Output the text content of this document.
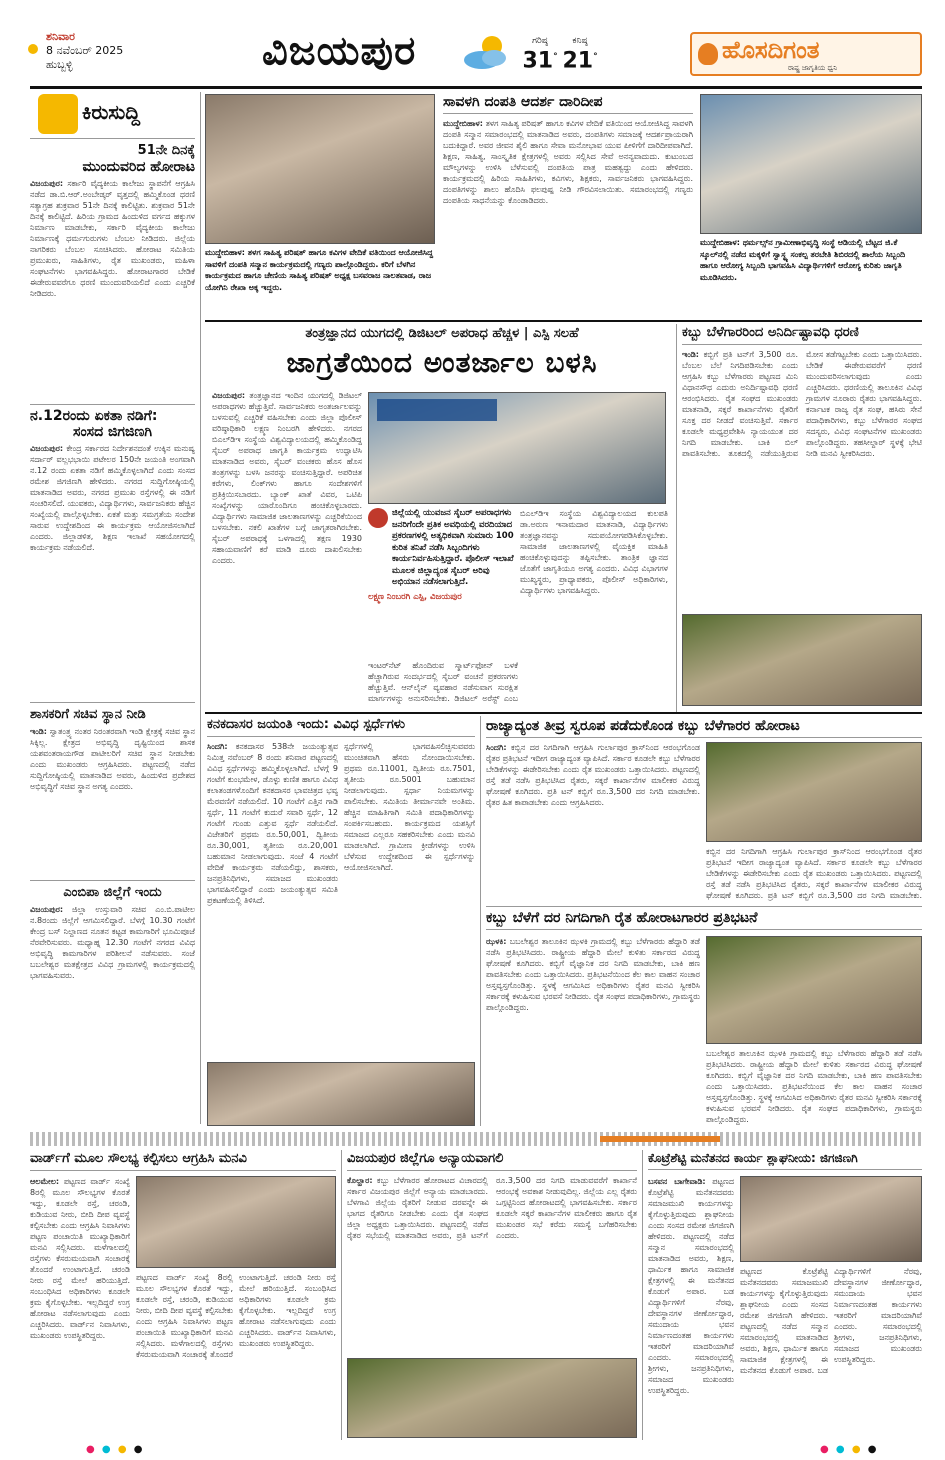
ಶನಿವಾರ
8 ನವೆಂಬರ್ 2025
ಹುಬ್ಬಳ್ಳಿ	ವಿಜಯಪುರ	ಗರಿಷ್ಠ
31°
ಕನಿಷ್ಠ
21°	ಹೊಸದಿಗಂತ
ರಾಷ್ಟ್ರ ಜಾಗೃತಿಯ ಧ್ವನಿ
ಕಿರುಸುದ್ದಿ
51ನೇ ದಿನಕ್ಕೆ
ಮುಂದುವರಿದ ಹೋರಾಟ
ವಿಜಯಪುರ: ಸರ್ಕಾರಿ ವೈದ್ಯಕೀಯ ಕಾಲೇಜು ಸ್ಥಾಪನೆಗೆ ಆಗ್ರಹಿಸಿ ನಡೆದ ಡಾ.ಬಿ.ಆರ್.ಅಂಬೇಡ್ಕರ್ ವೃತ್ತದಲ್ಲಿ ಹಮ್ಮಿಕೊಂಡ ಧರಣಿ ಸತ್ಯಾಗ್ರಹ ಶುಕ್ರವಾರ 51ನೇ ದಿನಕ್ಕೆ ಕಾಲಿಟ್ಟಿತು. ಶುಕ್ರವಾರ 51ನೇ ದಿನಕ್ಕೆ ಕಾಲಿಟ್ಟಿದೆ. ಹಿರಿಯ ಗ್ರಾಮದ ಹಿಂದುಳಿದ ವರ್ಗದ ಹಕ್ಕುಗಳ ನಿರ್ಮಾಣ ಮಾಡಬೇಕು, ಸರ್ಕಾರಿ ವೈದ್ಯಕೀಯ ಕಾಲೇಜು ನಿರ್ಮಾಣಕ್ಕೆ ಧರ್ಮಗುರುಗಳು ಬೆಂಬಲ ನೀಡಿದರು. ಜಿಲ್ಲೆಯ ನಾಗರಿಕರು ಬೆಂಬಲ ಸೂಚಿಸಿದರು. ಹೋರಾಟ ಸಮಿತಿಯ ಪ್ರಮುಖರು, ಸಾಹಿತಿಗಳು, ರೈತ ಮುಖಂಡರು, ಮಹಿಳಾ ಸಂಘಟನೆಗಳು ಭಾಗವಹಿಸಿದ್ದರು. ಹೋರಾಟಗಾರರ ಬೇಡಿಕೆ ಈಡೇರುವವರೆಗೂ ಧರಣಿ ಮುಂದುವರಿಯಲಿದೆ ಎಂದು ಎಚ್ಚರಿಕೆ ನೀಡಿದರು.
ನ.12ರಂದು ಏಕತಾ ನಡಿಗೆ:
ಸಂಸದ ಜಿಗಜಿಣಗಿ
ವಿಜಯಪುರ: ಕೇಂದ್ರ ಸರ್ಕಾರದ ನಿರ್ದೇಶನದಂತೆ ಉಕ್ಕಿನ ಮನುಷ್ಯ ಸರ್ದಾರ್ ವಲ್ಲಭಭಾಯಿ ಪಟೇಲರ 150ನೇ ಜಯಂತಿ ಅಂಗವಾಗಿ ನ.12 ರಂದು ಏಕತಾ ನಡಿಗೆ ಹಮ್ಮಿಕೊಳ್ಳಲಾಗಿದೆ ಎಂದು ಸಂಸದ ರಮೇಶ ಜಿಗಜಿಣಗಿ ಹೇಳಿದರು. ನಗರದ ಸುದ್ದಿಗೋಷ್ಠಿಯಲ್ಲಿ ಮಾತನಾಡಿದ ಅವರು, ನಗರದ ಪ್ರಮುಖ ರಸ್ತೆಗಳಲ್ಲಿ ಈ ನಡಿಗೆ ಸಂಚರಿಸಲಿದೆ. ಯುವಕರು, ವಿದ್ಯಾರ್ಥಿಗಳು, ಸಾರ್ವಜನಿಕರು ಹೆಚ್ಚಿನ ಸಂಖ್ಯೆಯಲ್ಲಿ ಪಾಲ್ಗೊಳ್ಳಬೇಕು. ಏಕತೆ ಮತ್ತು ಸಮಗ್ರತೆಯ ಸಂದೇಶ ಸಾರುವ ಉದ್ದೇಶದಿಂದ ಈ ಕಾರ್ಯಕ್ರಮ ಆಯೋಜಿಸಲಾಗಿದೆ ಎಂದರು. ಜಿಲ್ಲಾಡಳಿತ, ಶಿಕ್ಷಣ ಇಲಾಖೆ ಸಹಯೋಗದಲ್ಲಿ ಕಾರ್ಯಕ್ರಮ ನಡೆಯಲಿದೆ.
ಶಾಸಕರಿಗೆ ಸಚಿವ ಸ್ಥಾನ ನೀಡಿ
ಇಂಡಿ: ಸ್ವಾತಂತ್ರ್ಯ ನಂತರ ನಿರಂತರವಾಗಿ ಇಂಡಿ ಕ್ಷೇತ್ರಕ್ಕೆ ಸಚಿವ ಸ್ಥಾನ ಸಿಕ್ಕಿಲ್ಲ. ಕ್ಷೇತ್ರದ ಅಭಿವೃದ್ಧಿ ದೃಷ್ಟಿಯಿಂದ ಶಾಸಕ ಯಶವಂತರಾಯಗೌಡ ಪಾಟೀಲರಿಗೆ ಸಚಿವ ಸ್ಥಾನ ನೀಡಬೇಕು ಎಂದು ಮುಖಂಡರು ಆಗ್ರಹಿಸಿದರು. ಪಟ್ಟಣದಲ್ಲಿ ನಡೆದ ಸುದ್ದಿಗೋಷ್ಠಿಯಲ್ಲಿ ಮಾತನಾಡಿದ ಅವರು, ಹಿಂದುಳಿದ ಪ್ರದೇಶದ ಅಭಿವೃದ್ಧಿಗೆ ಸಚಿವ ಸ್ಥಾನ ಅಗತ್ಯ ಎಂದರು.
ಎಂಬಿಪಾ ಜಿಲ್ಲೆಗೆ ಇಂದು
ವಿಜಯಪುರ: ಜಿಲ್ಲಾ ಉಸ್ತುವಾರಿ ಸಚಿವ ಎಂ.ಬಿ.ಪಾಟೀಲ ನ.8ರಂದು ಜಿಲ್ಲೆಗೆ ಆಗಮಿಸಲಿದ್ದಾರೆ. ಬೆಳಗ್ಗೆ 10.30 ಗಂಟೆಗೆ ಕೇಂದ್ರ ಬಸ್ ನಿಲ್ದಾಣದ ನೂತನ ಕಟ್ಟಡ ಕಾಮಗಾರಿಗೆ ಭೂಮಿಪೂಜೆ ನೆರವೇರಿಸುವರು. ಮಧ್ಯಾಹ್ನ 12.30 ಗಂಟೆಗೆ ನಗರದ ವಿವಿಧ ಅಭಿವೃದ್ಧಿ ಕಾಮಗಾರಿಗಳ ಪರಿಶೀಲನೆ ನಡೆಸುವರು. ಸಂಜೆ ಬಬಲೇಶ್ವರ ಮತಕ್ಷೇತ್ರದ ವಿವಿಧ ಗ್ರಾಮಗಳಲ್ಲಿ ಕಾರ್ಯಕ್ರಮದಲ್ಲಿ ಭಾಗವಹಿಸುವರು.
ಮುದ್ದೇಬಿಹಾಳ: ತಳಗ ಸಾಹಿತ್ಯ ಪರಿಷತ್ ಹಾಗೂ ಕವಿಗಳ ವೇದಿಕೆ ವತಿಯಿಂದ ಆಯೋಜಿಸಿದ್ದ ಸಾವಳಿಗೆ ದಂಪತಿ ಸನ್ಮಾನ ಕಾರ್ಯಕ್ರಮದಲ್ಲಿ ಗಣ್ಯರು ಪಾಲ್ಗೊಂಡಿದ್ದರು. ಕರಿಗೆ ಬೆಳಗಿನ ಕಾರ್ಯಕ್ರಮದ ಹಾಗೂ ಚೇಣಿಯ ಸಾಹಿತ್ಯ ಪರಿಷತ್ ಅಧ್ಯಕ್ಷ ಬಸವರಾಜ ನಾಲತವಾಡ, ರಾಜ ಯೋಗಿನಿ ರೇಖಾ ಅಕ್ಕ ಇದ್ದರು.
ಸಾವಳಗಿ ದಂಪತಿ ಆದರ್ಶ ದಾರಿದೀಪ
ಮುದ್ದೇಬಿಹಾಳ: ತಳಗ ಸಾಹಿತ್ಯ ಪರಿಷತ್ ಹಾಗೂ ಕವಿಗಳ ವೇದಿಕೆ ವತಿಯಿಂದ ಆಯೋಜಿಸಿದ್ದ ಸಾವಳಗಿ ದಂಪತಿ ಸನ್ಮಾನ ಸಮಾರಂಭದಲ್ಲಿ ಮಾತನಾಡಿದ ಅವರು, ದಂಪತಿಗಳು ಸಮಾಜಕ್ಕೆ ಆದರ್ಶಪ್ರಾಯರಾಗಿ ಬದುಕಿದ್ದಾರೆ. ಅವರ ಜೀವನ ಶೈಲಿ ಹಾಗೂ ಸೇವಾ ಮನೋಭಾವ ಯುವ ಪೀಳಿಗೆಗೆ ದಾರಿದೀಪವಾಗಿದೆ. ಶಿಕ್ಷಣ, ಸಾಹಿತ್ಯ, ಸಾಂಸ್ಕೃತಿಕ ಕ್ಷೇತ್ರಗಳಲ್ಲಿ ಅವರು ಸಲ್ಲಿಸಿದ ಸೇವೆ ಅನನ್ಯವಾದುದು. ಕುಟುಂಬದ ಮೌಲ್ಯಗಳನ್ನು ಉಳಿಸಿ ಬೆಳೆಸುವಲ್ಲಿ ದಂಪತಿಯ ಪಾತ್ರ ಮಹತ್ವದ್ದು ಎಂದು ಹೇಳಿದರು. ಕಾರ್ಯಕ್ರಮದಲ್ಲಿ ಹಿರಿಯ ಸಾಹಿತಿಗಳು, ಕವಿಗಳು, ಶಿಕ್ಷಕರು, ಸಾರ್ವಜನಿಕರು ಭಾಗವಹಿಸಿದ್ದರು. ದಂಪತಿಗಳನ್ನು ಶಾಲು ಹೊದಿಸಿ ಫಲಪುಷ್ಪ ನೀಡಿ ಗೌರವಿಸಲಾಯಿತು. ಸಮಾರಂಭದಲ್ಲಿ ಗಣ್ಯರು ದಂಪತಿಯ ಸಾಧನೆಯನ್ನು ಕೊಂಡಾಡಿದರು.
ಮುದ್ದೇಬಿಹಾಳ: ಥರ್ಮಲ್ಸ್‌ನ ಗ್ರಾಮೀಣಾಭಿವೃದ್ಧಿ ಸಂಸ್ಥೆ ಆಡಿಯಲ್ಲಿ ಬೆಟ್ಟದ ಜಿ.ಕೆ ಸ್ಕೂಲ್‌ನಲ್ಲಿ ನಡೆದ ಮಕ್ಕಳಿಗೆ ಸ್ವಾಸ್ಥ್ಯ ಸಂಕಲ್ಪ ತರಬೇತಿ ಶಿಬಿರದಲ್ಲಿ ಶಾಲೆಯ ಸಿಬ್ಬಂದಿ ಹಾಗೂ ಆರೋಗ್ಯ ಸಿಬ್ಬಂದಿ ಭಾಗವಹಿಸಿ ವಿದ್ಯಾರ್ಥಿಗಳಿಗೆ ಆರೋಗ್ಯ ಕುರಿತು ಜಾಗೃತಿ ಮೂಡಿಸಿದರು.
ತಂತ್ರಜ್ಞಾನದ ಯುಗದಲ್ಲಿ ಡಿಜಿಟಲ್ ಅಪರಾಧ ಹೆಚ್ಚಳ | ಎಸ್ಪಿ ಸಲಹೆ
ಜಾಗ್ರತೆಯಿಂದ ಅಂತರ್ಜಾಲ ಬಳಸಿ
ವಿಜಯಪುರ: ತಂತ್ರಜ್ಞಾನದ ಇಂದಿನ ಯುಗದಲ್ಲಿ ಡಿಜಿಟಲ್ ಅಪರಾಧಗಳು ಹೆಚ್ಚುತ್ತಿವೆ. ಸಾರ್ವಜನಿಕರು ಅಂತರ್ಜಾಲವನ್ನು ಬಳಸುವಲ್ಲಿ ಎಚ್ಚರಿಕೆ ವಹಿಸಬೇಕು ಎಂದು ಜಿಲ್ಲಾ ಪೊಲೀಸ್ ವರಿಷ್ಠಾಧಿಕಾರಿ ಲಕ್ಷ್ಮಣ ನಿಂಬರಗಿ ಹೇಳಿದರು. ನಗರದ ಬಿಎಲ್‌ಡಿಇ ಸಂಸ್ಥೆಯ ವಿಶ್ವವಿದ್ಯಾಲಯದಲ್ಲಿ ಹಮ್ಮಿಕೊಂಡಿದ್ದ ಸೈಬರ್ ಅಪರಾಧ ಜಾಗೃತಿ ಕಾರ್ಯಕ್ರಮ ಉದ್ಘಾಟಿಸಿ ಮಾತನಾಡಿದ ಅವರು, ಸೈಬರ್ ವಂಚಕರು ಹೊಸ ಹೊಸ ತಂತ್ರಗಳನ್ನು ಬಳಸಿ ಜನರನ್ನು ವಂಚಿಸುತ್ತಿದ್ದಾರೆ. ಅಪರಿಚಿತ ಕರೆಗಳು, ಲಿಂಕ್‌ಗಳು ಹಾಗೂ ಸಂದೇಶಗಳಿಗೆ ಪ್ರತಿಕ್ರಿಯಿಸಬಾರದು. ಬ್ಯಾಂಕ್ ಖಾತೆ ವಿವರ, ಒಟಿಪಿ ಸಂಖ್ಯೆಗಳನ್ನು ಯಾರೊಂದಿಗೂ ಹಂಚಿಕೊಳ್ಳಬಾರದು. ವಿದ್ಯಾರ್ಥಿಗಳು ಸಾಮಾಜಿಕ ಜಾಲತಾಣಗಳನ್ನು ಎಚ್ಚರಿಕೆಯಿಂದ ಬಳಸಬೇಕು. ನಕಲಿ ಖಾತೆಗಳ ಬಗ್ಗೆ ಜಾಗೃತರಾಗಿರಬೇಕು. ಸೈಬರ್ ಅಪರಾಧಕ್ಕೆ ಒಳಗಾದಲ್ಲಿ ತಕ್ಷಣ 1930 ಸಹಾಯವಾಣಿಗೆ ಕರೆ ಮಾಡಿ ದೂರು ದಾಖಲಿಸಬೇಕು ಎಂದರು.
ಜಿಲ್ಲೆಯಲ್ಲಿ ಯುವಜನ ಸೈಬರ್ ಅಪರಾಧಗಳು ಜನರಿಗೆಂದೇ ಪ್ರತಿಕ ಅವಧಿಯಲ್ಲಿ ವರದಿಯಾದ ಪ್ರಕರಣಗಳಲ್ಲಿ ಅತ್ಯಧಿಕವಾಗಿ ಸುಮಾರು 100 ಕುರಿತ ತನಿಖೆ ನಡೆಸಿ ಸಿಬ್ಬಂದಿಗಳು ಕಾರ್ಯನಿರ್ವಹಿಸುತ್ತಿದ್ದಾರೆ. ಪೊಲೀಸ್ ಇಲಾಖೆ ಮೂಲಕ ಜಿಲ್ಲಾದ್ಯಂತ ಸೈಬರ್ ಅರಿವು ಅಭಿಯಾನ ನಡೆಸಲಾಗುತ್ತಿದೆ.
ಲಕ್ಷ್ಮಣ ನಿಂಬರಗಿ ಎಸ್ಪಿ, ವಿಜಯಪುರ
ಬಿಎಲ್‌ಡಿಇ ಸಂಸ್ಥೆಯ ವಿಶ್ವವಿದ್ಯಾಲಯದ ಕುಲಪತಿ ಡಾ.ಅರುಣ ಇನಾಮದಾರ ಮಾತನಾಡಿ, ವಿದ್ಯಾರ್ಥಿಗಳು ತಂತ್ರಜ್ಞಾನವನ್ನು ಸದುಪಯೋಗಪಡಿಸಿಕೊಳ್ಳಬೇಕು. ಸಾಮಾಜಿಕ ಜಾಲತಾಣಗಳಲ್ಲಿ ವೈಯಕ್ತಿಕ ಮಾಹಿತಿ ಹಂಚಿಕೊಳ್ಳುವುದನ್ನು ತಪ್ಪಿಸಬೇಕು. ತಾಂತ್ರಿಕ ಜ್ಞಾನದ ಜೊತೆಗೆ ಜಾಗೃತಿಯೂ ಅಗತ್ಯ ಎಂದರು. ವಿವಿಧ ವಿಭಾಗಗಳ ಮುಖ್ಯಸ್ಥರು, ಪ್ರಾಧ್ಯಾಪಕರು, ಪೊಲೀಸ್ ಅಧಿಕಾರಿಗಳು, ವಿದ್ಯಾರ್ಥಿಗಳು ಭಾಗವಹಿಸಿದ್ದರು.
ಇಂಟರ್‌ನೆಟ್ ಹೊಂದಿರುವ ಸ್ಮಾರ್ಟ್‌ಫೋನ್ ಬಳಕೆ ಹೆಚ್ಚಾಗಿರುವ ಸಂದರ್ಭದಲ್ಲಿ ಸೈಬರ್ ವಂಚನೆ ಪ್ರಕರಣಗಳು ಹೆಚ್ಚುತ್ತಿವೆ. ಆನ್‌ಲೈನ್ ವ್ಯವಹಾರ ನಡೆಸುವಾಗ ಸುರಕ್ಷಿತ ಮಾರ್ಗಗಳನ್ನು ಅನುಸರಿಸಬೇಕು. ಡಿಜಿಟಲ್ ಅರೆಸ್ಟ್ ಎಂಬ
ಕಬ್ಬು ಬೆಳೆಗಾರರಿಂದ ಅನಿರ್ದಿಷ್ಟಾವಧಿ ಧರಣಿ
ಇಂಡಿ: ಕಬ್ಬಿಗೆ ಪ್ರತಿ ಟನ್‌ಗೆ 3,500 ರೂ. ಬೆಂಬಲ ಬೆಲೆ ನಿಗದಿಪಡಿಸಬೇಕು ಎಂದು ಆಗ್ರಹಿಸಿ ಕಬ್ಬು ಬೆಳೆಗಾರರು ಪಟ್ಟಣದ ಮಿನಿ ವಿಧಾನಸೌಧ ಎದುರು ಅನಿರ್ದಿಷ್ಟಾವಧಿ ಧರಣಿ ಆರಂಭಿಸಿದರು. ರೈತ ಸಂಘದ ಮುಖಂಡರು ಮಾತನಾಡಿ, ಸಕ್ಕರೆ ಕಾರ್ಖಾನೆಗಳು ರೈತರಿಗೆ ಸೂಕ್ತ ದರ ನೀಡದೆ ವಂಚಿಸುತ್ತಿವೆ. ಸರ್ಕಾರ ಕೂಡಲೇ ಮಧ್ಯಪ್ರವೇಶಿಸಿ ನ್ಯಾಯಯುತ ದರ ನಿಗದಿ ಮಾಡಬೇಕು. ಬಾಕಿ ಬಿಲ್ ಪಾವತಿಸಬೇಕು. ತೂಕದಲ್ಲಿ ನಡೆಯುತ್ತಿರುವ ಮೋಸ ತಡೆಗಟ್ಟಬೇಕು ಎಂದು ಒತ್ತಾಯಿಸಿದರು. ಬೇಡಿಕೆ ಈಡೇರುವವರೆಗೆ ಧರಣಿ ಮುಂದುವರಿಸಲಾಗುವುದು ಎಂದು ಎಚ್ಚರಿಸಿದರು. ಧರಣಿಯಲ್ಲಿ ತಾಲೂಕಿನ ವಿವಿಧ ಗ್ರಾಮಗಳ ನೂರಾರು ರೈತರು ಭಾಗವಹಿಸಿದ್ದರು. ಕರ್ನಾಟಕ ರಾಜ್ಯ ರೈತ ಸಂಘ, ಹಸಿರು ಸೇನೆ ಪದಾಧಿಕಾರಿಗಳು, ಕಬ್ಬು ಬೆಳೆಗಾರರ ಸಂಘದ ಸದಸ್ಯರು, ವಿವಿಧ ಸಂಘಟನೆಗಳ ಮುಖಂಡರು ಪಾಲ್ಗೊಂಡಿದ್ದರು. ತಹಸೀಲ್ದಾರ್ ಸ್ಥಳಕ್ಕೆ ಭೇಟಿ ನೀಡಿ ಮನವಿ ಸ್ವೀಕರಿಸಿದರು.
ಕನಕದಾಸರ ಜಯಂತಿ ಇಂದು: ವಿವಿಧ ಸ್ಪರ್ಧೆಗಳು
ಸಿಂದಗಿ: ಕನಕದಾಸರ 538ನೇ ಜಯಂತ್ಯುತ್ಸವ ನಿಮಿತ್ತ ನವೆಂಬರ್ 8 ರಂದು ಶನಿವಾರ ಪಟ್ಟಣದಲ್ಲಿ ವಿವಿಧ ಸ್ಪರ್ಧೆಗಳನ್ನು ಹಮ್ಮಿಕೊಳ್ಳಲಾಗಿದೆ. ಬೆಳಗ್ಗೆ 9 ಗಂಟೆಗೆ ಕುಂಭಮೇಳ, ಡೊಳ್ಳು ಕುಣಿತ ಹಾಗೂ ವಿವಿಧ ಕಲಾತಂಡಗಳೊಂದಿಗೆ ಕನಕದಾಸರ ಭಾವಚಿತ್ರದ ಭವ್ಯ ಮೆರವಣಿಗೆ ನಡೆಯಲಿದೆ. 10 ಗಂಟೆಗೆ ಎತ್ತಿನ ಗಾಡಿ ಸ್ಪರ್ಧೆ, 11 ಗಂಟೆಗೆ ಕುದುರೆ ಸವಾರಿ ಸ್ಪರ್ಧೆ, 12 ಗಂಟೆಗೆ ಗುಂಡು ಎತ್ತುವ ಸ್ಪರ್ಧೆ ನಡೆಯಲಿದೆ. ವಿಜೇತರಿಗೆ ಪ್ರಥಮ ರೂ.50,001, ದ್ವಿತೀಯ ರೂ.30,001, ತೃತೀಯ ರೂ.20,001 ಬಹುಮಾನ ನೀಡಲಾಗುವುದು. ಸಂಜೆ 4 ಗಂಟೆಗೆ ವೇದಿಕೆ ಕಾರ್ಯಕ್ರಮ ನಡೆಯಲಿದ್ದು, ಶಾಸಕರು, ಜನಪ್ರತಿನಿಧಿಗಳು, ಸಮಾಜದ ಮುಖಂಡರು ಭಾಗವಹಿಸಲಿದ್ದಾರೆ ಎಂದು ಜಯಂತ್ಯುತ್ಸವ ಸಮಿತಿ ಪ್ರಕಟಣೆಯಲ್ಲಿ ತಿಳಿಸಿದೆ.
ಸ್ಪರ್ಧೆಗಳಲ್ಲಿ ಭಾಗವಹಿಸಲಿಚ್ಛಿಸುವವರು ಮುಂಚಿತವಾಗಿ ಹೆಸರು ನೋಂದಾಯಿಸಬೇಕು. ಪ್ರಥಮ ರೂ.11001, ದ್ವಿತೀಯ ರೂ.7501, ತೃತೀಯ ರೂ.5001 ಬಹುಮಾನ ನೀಡಲಾಗುವುದು. ಸ್ಪರ್ಧಾ ನಿಯಮಗಳನ್ನು ಪಾಲಿಸಬೇಕು. ಸಮಿತಿಯ ತೀರ್ಮಾನವೇ ಅಂತಿಮ. ಹೆಚ್ಚಿನ ಮಾಹಿತಿಗಾಗಿ ಸಮಿತಿ ಪದಾಧಿಕಾರಿಗಳನ್ನು ಸಂಪರ್ಕಿಸಬಹುದು. ಕಾರ್ಯಕ್ರಮದ ಯಶಸ್ಸಿಗೆ ಸಮಾಜದ ಎಲ್ಲರೂ ಸಹಕರಿಸಬೇಕು ಎಂದು ಮನವಿ ಮಾಡಲಾಗಿದೆ. ಗ್ರಾಮೀಣ ಕ್ರೀಡೆಗಳನ್ನು ಉಳಿಸಿ ಬೆಳೆಸುವ ಉದ್ದೇಶದಿಂದ ಈ ಸ್ಪರ್ಧೆಗಳನ್ನು ಆಯೋಜಿಸಲಾಗಿದೆ.
ರಾಜ್ಯಾದ್ಯಂತ ತೀವ್ರ ಸ್ವರೂಪ ಪಡೆದುಕೊಂಡ ಕಬ್ಬು ಬೆಳೆಗಾರರ ಹೋರಾಟ
ಸಿಂದಗಿ: ಕಬ್ಬಿನ ದರ ನಿಗದಿಗಾಗಿ ಆಗ್ರಹಿಸಿ ಗುರ್ಲಾಪುರ ಕ್ರಾಸ್‌ನಿಂದ ಆರಂಭಗೊಂಡ ರೈತರ ಪ್ರತಿಭಟನೆ ಇದೀಗ ರಾಜ್ಯಾದ್ಯಂತ ವ್ಯಾಪಿಸಿದೆ. ಸರ್ಕಾರ ಕೂಡಲೇ ಕಬ್ಬು ಬೆಳೆಗಾರರ ಬೇಡಿಕೆಗಳನ್ನು ಈಡೇರಿಸಬೇಕು ಎಂದು ರೈತ ಮುಖಂಡರು ಒತ್ತಾಯಿಸಿದರು. ಪಟ್ಟಣದಲ್ಲಿ ರಸ್ತೆ ತಡೆ ನಡೆಸಿ ಪ್ರತಿಭಟಿಸಿದ ರೈತರು, ಸಕ್ಕರೆ ಕಾರ್ಖಾನೆಗಳ ಮಾಲೀಕರ ವಿರುದ್ಧ ಘೋಷಣೆ ಕೂಗಿದರು. ಪ್ರತಿ ಟನ್ ಕಬ್ಬಿಗೆ ರೂ.3,500 ದರ ನಿಗದಿ ಮಾಡಬೇಕು. ರೈತರ ಹಿತ ಕಾಪಾಡಬೇಕು ಎಂದು ಆಗ್ರಹಿಸಿದರು.
ಕಬ್ಬಿನ ದರ ನಿಗದಿಗಾಗಿ ಆಗ್ರಹಿಸಿ ಗುರ್ಲಾಪುರ ಕ್ರಾಸ್‌ನಿಂದ ಆರಂಭಗೊಂಡ ರೈತರ ಪ್ರತಿಭಟನೆ ಇದೀಗ ರಾಜ್ಯಾದ್ಯಂತ ವ್ಯಾಪಿಸಿದೆ. ಸರ್ಕಾರ ಕೂಡಲೇ ಕಬ್ಬು ಬೆಳೆಗಾರರ ಬೇಡಿಕೆಗಳನ್ನು ಈಡೇರಿಸಬೇಕು ಎಂದು ರೈತ ಮುಖಂಡರು ಒತ್ತಾಯಿಸಿದರು. ಪಟ್ಟಣದಲ್ಲಿ ರಸ್ತೆ ತಡೆ ನಡೆಸಿ ಪ್ರತಿಭಟಿಸಿದ ರೈತರು, ಸಕ್ಕರೆ ಕಾರ್ಖಾನೆಗಳ ಮಾಲೀಕರ ವಿರುದ್ಧ ಘೋಷಣೆ ಕೂಗಿದರು. ಪ್ರತಿ ಟನ್ ಕಬ್ಬಿಗೆ ರೂ.3,500 ದರ ನಿಗದಿ ಮಾಡಬೇಕು.
ಕಬ್ಬು ಬೆಳೆಗೆ ದರ ನಿಗದಿಗಾಗಿ ರೈತ ಹೋರಾಟಗಾರರ ಪ್ರತಿಭಟನೆ
ಝಳಕಿ: ಬಬಲೇಶ್ವರ ತಾಲೂಕಿನ ಝಳಕಿ ಗ್ರಾಮದಲ್ಲಿ ಕಬ್ಬು ಬೆಳೆಗಾರರು ಹೆದ್ದಾರಿ ತಡೆ ನಡೆಸಿ ಪ್ರತಿಭಟಿಸಿದರು. ರಾಷ್ಟ್ರೀಯ ಹೆದ್ದಾರಿ ಮೇಲೆ ಕುಳಿತು ಸರ್ಕಾರದ ವಿರುದ್ಧ ಘೋಷಣೆ ಕೂಗಿದರು. ಕಬ್ಬಿಗೆ ವೈಜ್ಞಾನಿಕ ದರ ನಿಗದಿ ಮಾಡಬೇಕು, ಬಾಕಿ ಹಣ ಪಾವತಿಸಬೇಕು ಎಂದು ಒತ್ತಾಯಿಸಿದರು. ಪ್ರತಿಭಟನೆಯಿಂದ ಕೆಲ ಕಾಲ ವಾಹನ ಸಂಚಾರ ಅಸ್ತವ್ಯಸ್ತಗೊಂಡಿತ್ತು. ಸ್ಥಳಕ್ಕೆ ಆಗಮಿಸಿದ ಅಧಿಕಾರಿಗಳು ರೈತರ ಮನವಿ ಸ್ವೀಕರಿಸಿ ಸರ್ಕಾರಕ್ಕೆ ಕಳುಹಿಸುವ ಭರವಸೆ ನೀಡಿದರು. ರೈತ ಸಂಘದ ಪದಾಧಿಕಾರಿಗಳು, ಗ್ರಾಮಸ್ಥರು ಪಾಲ್ಗೊಂಡಿದ್ದರು.
ಬಬಲೇಶ್ವರ ತಾಲೂಕಿನ ಝಳಕಿ ಗ್ರಾಮದಲ್ಲಿ ಕಬ್ಬು ಬೆಳೆಗಾರರು ಹೆದ್ದಾರಿ ತಡೆ ನಡೆಸಿ ಪ್ರತಿಭಟಿಸಿದರು. ರಾಷ್ಟ್ರೀಯ ಹೆದ್ದಾರಿ ಮೇಲೆ ಕುಳಿತು ಸರ್ಕಾರದ ವಿರುದ್ಧ ಘೋಷಣೆ ಕೂಗಿದರು. ಕಬ್ಬಿಗೆ ವೈಜ್ಞಾನಿಕ ದರ ನಿಗದಿ ಮಾಡಬೇಕು, ಬಾಕಿ ಹಣ ಪಾವತಿಸಬೇಕು ಎಂದು ಒತ್ತಾಯಿಸಿದರು. ಪ್ರತಿಭಟನೆಯಿಂದ ಕೆಲ ಕಾಲ ವಾಹನ ಸಂಚಾರ ಅಸ್ತವ್ಯಸ್ತಗೊಂಡಿತ್ತು. ಸ್ಥಳಕ್ಕೆ ಆಗಮಿಸಿದ ಅಧಿಕಾರಿಗಳು ರೈತರ ಮನವಿ ಸ್ವೀಕರಿಸಿ ಸರ್ಕಾರಕ್ಕೆ ಕಳುಹಿಸುವ ಭರವಸೆ ನೀಡಿದರು. ರೈತ ಸಂಘದ ಪದಾಧಿಕಾರಿಗಳು, ಗ್ರಾಮಸ್ಥರು ಪಾಲ್ಗೊಂಡಿದ್ದರು.
ವಾರ್ಡ್‌ಗೆ ಮೂಲ ಸೌಲಭ್ಯ ಕಲ್ಪಿಸಲು ಆಗ್ರಹಿಸಿ ಮನವಿ
ಆಲಮೇಲ: ಪಟ್ಟಣದ ವಾರ್ಡ್ ಸಂಖ್ಯೆ 8ರಲ್ಲಿ ಮೂಲ ಸೌಲಭ್ಯಗಳ ಕೊರತೆ ಇದ್ದು, ಕೂಡಲೇ ರಸ್ತೆ, ಚರಂಡಿ, ಕುಡಿಯುವ ನೀರು, ಬೀದಿ ದೀಪ ವ್ಯವಸ್ಥೆ ಕಲ್ಪಿಸಬೇಕು ಎಂದು ಆಗ್ರಹಿಸಿ ನಿವಾಸಿಗಳು ಪಟ್ಟಣ ಪಂಚಾಯಿತಿ ಮುಖ್ಯಾಧಿಕಾರಿಗೆ ಮನವಿ ಸಲ್ಲಿಸಿದರು. ಮಳೆಗಾಲದಲ್ಲಿ ರಸ್ತೆಗಳು ಕೆಸರುಮಯವಾಗಿ ಸಂಚಾರಕ್ಕೆ ತೊಂದರೆ ಉಂಟಾಗುತ್ತಿದೆ. ಚರಂಡಿ ನೀರು ರಸ್ತೆ ಮೇಲೆ ಹರಿಯುತ್ತಿದೆ. ಸಂಬಂಧಿಸಿದ ಅಧಿಕಾರಿಗಳು ಕೂಡಲೇ ಕ್ರಮ ಕೈಗೊಳ್ಳಬೇಕು. ಇಲ್ಲದಿದ್ದರೆ ಉಗ್ರ ಹೋರಾಟ ನಡೆಸಲಾಗುವುದು ಎಂದು ಎಚ್ಚರಿಸಿದರು. ವಾರ್ಡ್‌ನ ನಿವಾಸಿಗಳು, ಮುಖಂಡರು ಉಪಸ್ಥಿತರಿದ್ದರು.
ಪಟ್ಟಣದ ವಾರ್ಡ್ ಸಂಖ್ಯೆ 8ರಲ್ಲಿ ಮೂಲ ಸೌಲಭ್ಯಗಳ ಕೊರತೆ ಇದ್ದು, ಕೂಡಲೇ ರಸ್ತೆ, ಚರಂಡಿ, ಕುಡಿಯುವ ನೀರು, ಬೀದಿ ದೀಪ ವ್ಯವಸ್ಥೆ ಕಲ್ಪಿಸಬೇಕು ಎಂದು ಆಗ್ರಹಿಸಿ ನಿವಾಸಿಗಳು ಪಟ್ಟಣ ಪಂಚಾಯಿತಿ ಮುಖ್ಯಾಧಿಕಾರಿಗೆ ಮನವಿ ಸಲ್ಲಿಸಿದರು. ಮಳೆಗಾಲದಲ್ಲಿ ರಸ್ತೆಗಳು ಕೆಸರುಮಯವಾಗಿ ಸಂಚಾರಕ್ಕೆ ತೊಂದರೆ ಉಂಟಾಗುತ್ತಿದೆ. ಚರಂಡಿ ನೀರು ರಸ್ತೆ ಮೇಲೆ ಹರಿಯುತ್ತಿದೆ. ಸಂಬಂಧಿಸಿದ ಅಧಿಕಾರಿಗಳು ಕೂಡಲೇ ಕ್ರಮ ಕೈಗೊಳ್ಳಬೇಕು. ಇಲ್ಲದಿದ್ದರೆ ಉಗ್ರ ಹೋರಾಟ ನಡೆಸಲಾಗುವುದು ಎಂದು ಎಚ್ಚರಿಸಿದರು. ವಾರ್ಡ್‌ನ ನಿವಾಸಿಗಳು, ಮುಖಂಡರು ಉಪಸ್ಥಿತರಿದ್ದರು.
ವಿಜಯಪುರ ಜಿಲ್ಲೆಗೂ ಅನ್ಯಾಯವಾಗಲಿ
ಕೊಲ್ಹಾರ: ಕಬ್ಬು ಬೆಳೆಗಾರರ ಹೋರಾಟದ ವಿಚಾರದಲ್ಲಿ ಸರ್ಕಾರ ವಿಜಯಪುರ ಜಿಲ್ಲೆಗೆ ಅನ್ಯಾಯ ಮಾಡಬಾರದು. ಬೆಳಗಾವಿ ಜಿಲ್ಲೆಯ ರೈತರಿಗೆ ನೀಡುವ ದರವನ್ನೇ ಈ ಭಾಗದ ರೈತರಿಗೂ ನೀಡಬೇಕು ಎಂದು ರೈತ ಸಂಘದ ಜಿಲ್ಲಾ ಅಧ್ಯಕ್ಷರು ಒತ್ತಾಯಿಸಿದರು. ಪಟ್ಟಣದಲ್ಲಿ ನಡೆದ ರೈತರ ಸಭೆಯಲ್ಲಿ ಮಾತನಾಡಿದ ಅವರು, ಪ್ರತಿ ಟನ್‌ಗೆ ರೂ.3,500 ದರ ನಿಗದಿ ಮಾಡುವವರೆಗೆ ಕಾರ್ಖಾನೆ ಆರಂಭಕ್ಕೆ ಅವಕಾಶ ನೀಡುವುದಿಲ್ಲ. ಜಿಲ್ಲೆಯ ಎಲ್ಲ ರೈತರು ಒಗ್ಗಟ್ಟಿನಿಂದ ಹೋರಾಟದಲ್ಲಿ ಭಾಗವಹಿಸಬೇಕು. ಸರ್ಕಾರ ಕೂಡಲೇ ಸಕ್ಕರೆ ಕಾರ್ಖಾನೆಗಳ ಮಾಲೀಕರು ಹಾಗೂ ರೈತ ಮುಖಂಡರ ಸಭೆ ಕರೆದು ಸಮಸ್ಯೆ ಬಗೆಹರಿಸಬೇಕು ಎಂದರು.
ಕೊಟ್ರೆಶೆಟ್ಟಿ ಮನೆತನದ ಕಾರ್ಯ ಶ್ಲಾಘನೀಯ: ಜಿಗಜಿಣಗಿ
ಬಸವನ ಬಾಗೇವಾಡಿ: ಪಟ್ಟಣದ ಕೊಟ್ರೆಶೆಟ್ಟಿ ಮನೆತನದವರು ಸಮಾಜಮುಖಿ ಕಾರ್ಯಗಳನ್ನು ಕೈಗೊಳ್ಳುತ್ತಿರುವುದು ಶ್ಲಾಘನೀಯ ಎಂದು ಸಂಸದ ರಮೇಶ ಜಿಗಜಿಣಗಿ ಹೇಳಿದರು. ಪಟ್ಟಣದಲ್ಲಿ ನಡೆದ ಸನ್ಮಾನ ಸಮಾರಂಭದಲ್ಲಿ ಮಾತನಾಡಿದ ಅವರು, ಶಿಕ್ಷಣ, ಧಾರ್ಮಿಕ ಹಾಗೂ ಸಾಮಾಜಿಕ ಕ್ಷೇತ್ರಗಳಲ್ಲಿ ಈ ಮನೆತನದ ಕೊಡುಗೆ ಅಪಾರ. ಬಡ ವಿದ್ಯಾರ್ಥಿಗಳಿಗೆ ನೆರವು, ದೇವಸ್ಥಾನಗಳ ಜೀರ್ಣೋದ್ಧಾರ, ಸಮುದಾಯ ಭವನ ನಿರ್ಮಾಣದಂತಹ ಕಾರ್ಯಗಳು ಇತರರಿಗೆ ಮಾದರಿಯಾಗಿವೆ ಎಂದರು. ಸಮಾರಂಭದಲ್ಲಿ ಶ್ರೀಗಳು, ಜನಪ್ರತಿನಿಧಿಗಳು, ಸಮಾಜದ ಮುಖಂಡರು ಉಪಸ್ಥಿತರಿದ್ದರು.
ಪಟ್ಟಣದ ಕೊಟ್ರೆಶೆಟ್ಟಿ ಮನೆತನದವರು ಸಮಾಜಮುಖಿ ಕಾರ್ಯಗಳನ್ನು ಕೈಗೊಳ್ಳುತ್ತಿರುವುದು ಶ್ಲಾಘನೀಯ ಎಂದು ಸಂಸದ ರಮೇಶ ಜಿಗಜಿಣಗಿ ಹೇಳಿದರು. ಪಟ್ಟಣದಲ್ಲಿ ನಡೆದ ಸನ್ಮಾನ ಸಮಾರಂಭದಲ್ಲಿ ಮಾತನಾಡಿದ ಅವರು, ಶಿಕ್ಷಣ, ಧಾರ್ಮಿಕ ಹಾಗೂ ಸಾಮಾಜಿಕ ಕ್ಷೇತ್ರಗಳಲ್ಲಿ ಈ ಮನೆತನದ ಕೊಡುಗೆ ಅಪಾರ. ಬಡ ವಿದ್ಯಾರ್ಥಿಗಳಿಗೆ ನೆರವು, ದೇವಸ್ಥಾನಗಳ ಜೀರ್ಣೋದ್ಧಾರ, ಸಮುದಾಯ ಭವನ ನಿರ್ಮಾಣದಂತಹ ಕಾರ್ಯಗಳು ಇತರರಿಗೆ ಮಾದರಿಯಾಗಿವೆ ಎಂದರು. ಸಮಾರಂಭದಲ್ಲಿ ಶ್ರೀಗಳು, ಜನಪ್ರತಿನಿಧಿಗಳು, ಸಮಾಜದ ಮುಖಂಡರು ಉಪಸ್ಥಿತರಿದ್ದರು.
● ● ● ●	● ● ● ●
